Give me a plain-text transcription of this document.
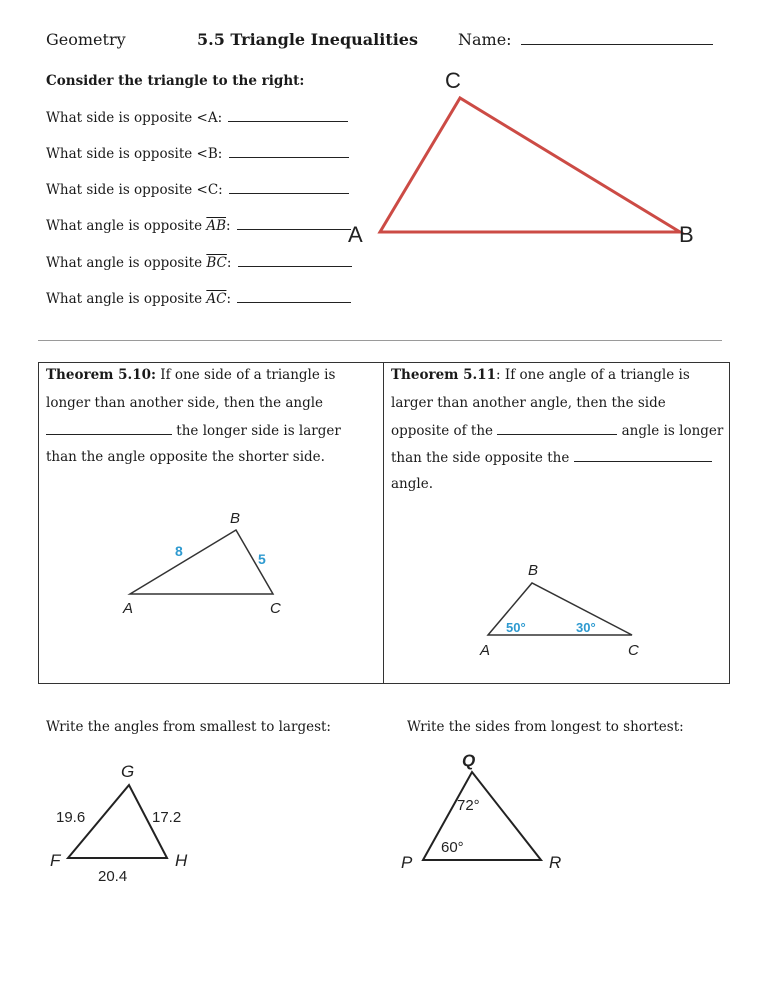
Geometry	5.5 Triangle Inequalities	Name:
Consider the triangle to the right:
What side is opposite <A:
What side is opposite <B:
What side is opposite <C:
What angle is opposite $\overline{AB}$:
What angle is opposite $\overline{BC}$:
What angle is opposite $\overline{AC}$:
A	B
C
Theorem 5.10: If one side of a triangle is
longer than another side, then the angle
the longer side is larger
than the angle opposite the shorter side.
A
B
C
8	5
Theorem 5.11: If one angle of a triangle is
larger than another angle, then the side
opposite of the	angle is longer
than the side opposite the
angle.
A
B
C
50°	30°
Write the angles from smallest to largest:	Write the sides from longest to shortest:
G
F	H
19.6	17.2
20.4
Q
P	R
72°
60°
